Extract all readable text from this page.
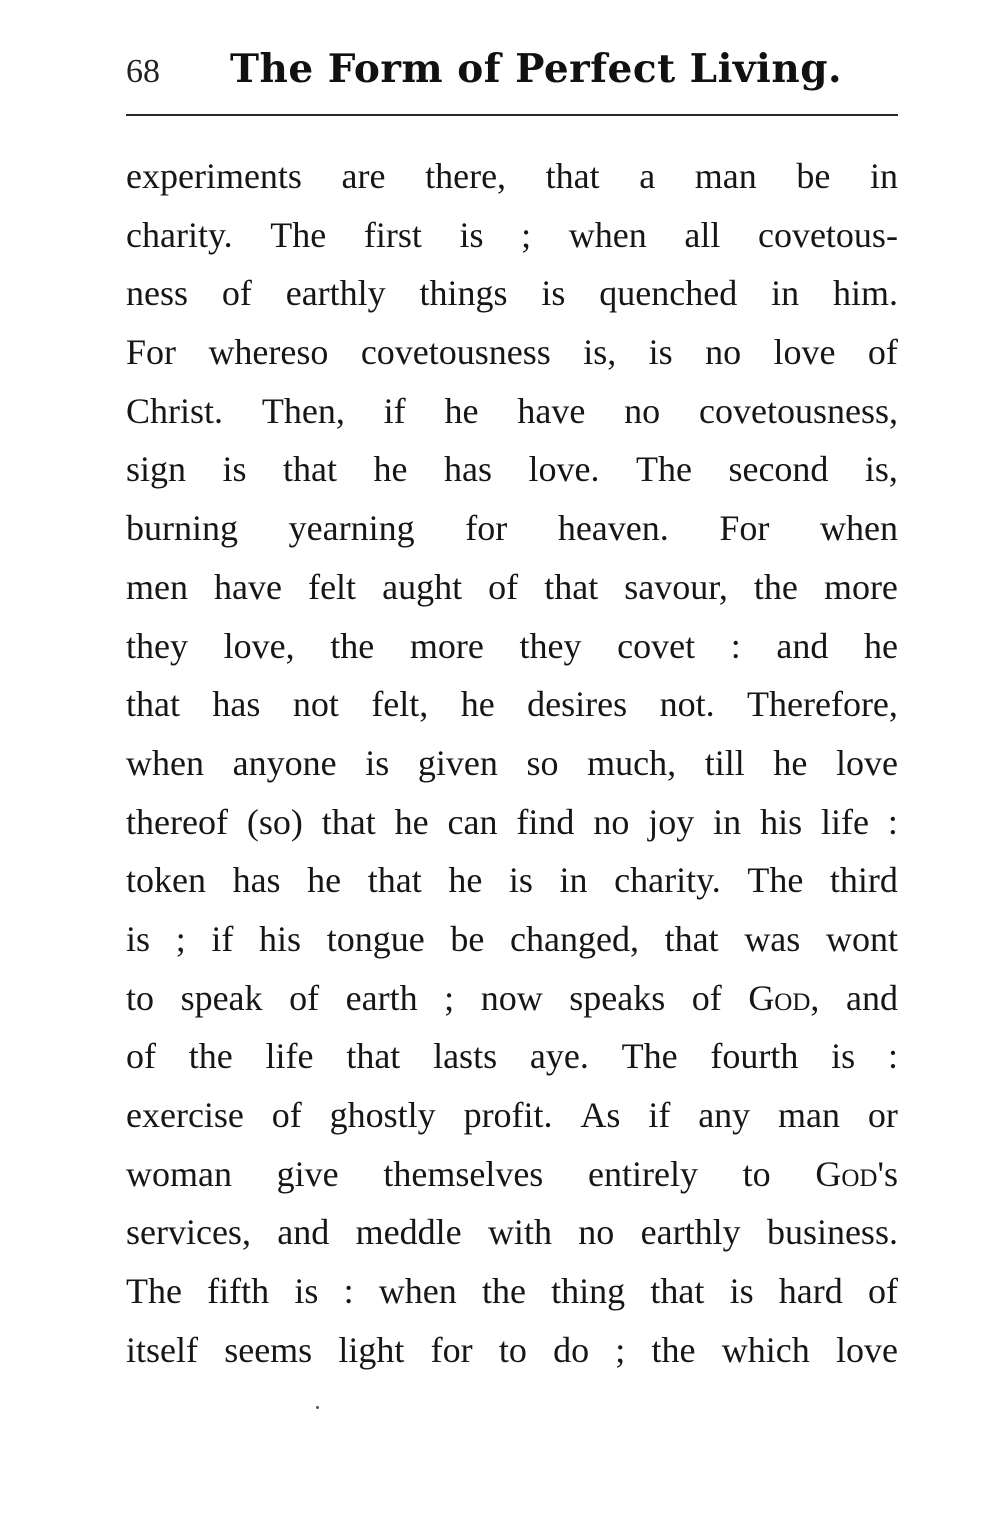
68 The Form of Perfect Living.
experiments are there, that a man be in
charity. The first is ; when all covetous-
ness of earthly things is quenched in him.
For whereso covetousness is, is no love of
Christ. Then, if he have no covetousness,
sign is that he has love. The second is,
burning yearning for heaven. For when
men have felt aught of that savour, the more
they love, the more they covet : and he
that has not felt, he desires not. Therefore,
when anyone is given so much, till he love
thereof (so) that he can find no joy in his life :
token has he that he is in charity. The third
is ; if his tongue be changed, that was wont
to speak of earth ; now speaks of God, and
of the life that lasts aye. The fourth is :
exercise of ghostly profit. As if any man or
woman give themselves entirely to God's
services, and meddle with no earthly business.
The fifth is : when the thing that is hard of
itself seems light for to do ; the which love
